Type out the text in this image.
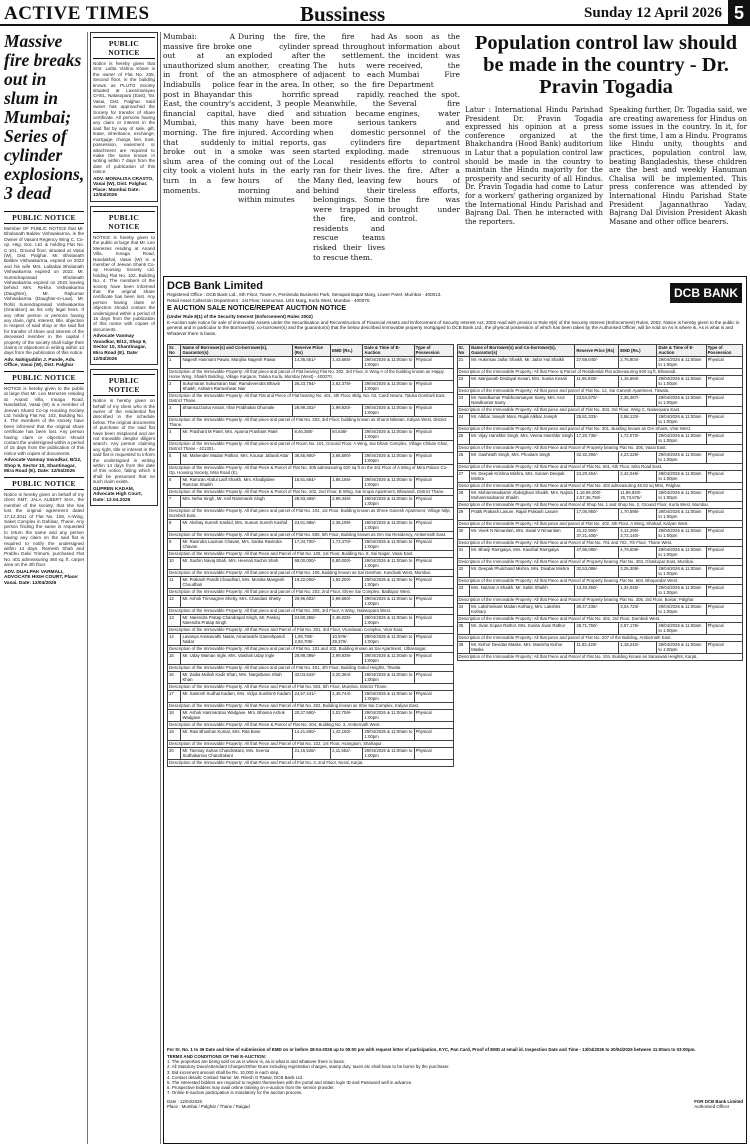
ACTIVE TIMES	Bussiness	Sunday 12 April 2026 5
Massive fire breaks out in slum in Mumbai; Series of cylinder explosions, 3 dead
PUBLIC NOTICE
Member OF PUBLIC NOTICE that Mr. Bholanath Baldev Vishwakarma, is the Owner of Vasant Regency Wing C, Co-op. Hsg. Soc. Ltd. & holding Flat No. C-101, Ground floor, situated at Vasai (W), Dist. Palghar. Mr. Bholanath Baldev Vishwakarma, expired on 2022 and his wife Mrs. Lalitabai Bholanath Vishwakarma expired on 2022. Mr. Surendraprasad Bholanath Vishwakarma expired on 2022 leaving behind Mrs. Rekha Vishwakarma (Daughter), Mr. Rajkumar Vishwakarma (Daughter-in-Law), Mr. Rohit Surendraprasad Vishwakarma (Grandson) as his only legal heirs. If any other person or persons having any claim, right, interest, title, objection in respect of said shop or the said flat for transfer of share and interest of the deceased member in the capital / property of the society shall lodge their claims or objections in writing within 14 days from the publication of this notice.
Adv. Nahiguddin J. Pande, Adv. Office, Vasai (W), Dist. Palghar
PUBLIC NOTICE
NOTICE is hereby given to the public at large that Mr. Leo Menezes residing at Anand Villa, Innaga Road, Nandakhal, Vasai (W) is a member of Jeevan Shanti Co-op Housing Society Ltd. holding Flat No. 102, Building No. 4. The members of the society have been informed that the original share certificate has been lost. Any person having claim or objection should contact the undersigned within a period of 15 days from the publication of this notice with copies of documents.
Advocate Vanmay Vavadkar, B/12, Shop 9, Sector 10, Shantinagar, Mira Road (E). Date: 12/04/2026
PUBLIC NOTICE
Notice is hereby given on behalf of my client SMT. JALA ALBERT SHA, the member of the society, that she has lost the original agreement dated 17.12.2011 of Flat No. 108, A-Wing, Saket Complex in Dahisar, Thane. Any person finding the same is requested to return the same and any person having any claim on the said flat is required to notify the undersigned within 14 days. Ramesh Shah and Prabhu Dalvi Trimurti, purchased Flat No. 401 admeasuring 460 sq. ft. carpet area on the 4th floor.
ADV. DUALPAK VARMALI, ADVOCATE HIGH COURT, Place: Vasai. Date: 12/04/2026
PUBLIC NOTICE
Notice is hereby given that Smt. Lalita Vishnu Khare is the owner of Flat No. 205, Second floor, in the building known as PLUTO Society situated at Laxminarayan CHSL, Nalasopara (East), Tal. Vasai, Dist. Palghar. Said owner has approached the Society for transfer of share certificate. All persons having any claim or interest in the said flat by way of sale, gift, lease, inheritance, exchange, mortgage, charge, lien, trust, possession, easement or attachment are required to make the same known in writing within 7 days from the date of publication of this notice.
ADV. MONALISA CRASTO, Vasai (W), Dist. Palghar. Place: Mumbai Date: 12/04/2026
PUBLIC NOTICE
NOTICE is hereby given to the public at large that Mr. Leo Menezes residing at Anand Villa, Innaga Road, Nandakhal, Vasai (W) is a member of Jeevan Shanti Co-op Housing Society Ltd. holding Flat No. 102, Building No. 4. The members of the society have been informed that the original share certificate has been lost. Any person having claim or objection should contact the undersigned within a period of 15 days from the publication of this notice with copies of documents.
Advocate Vanmay Vavadkar, B/12, Shop 9, Sector 10, Shantinagar, Mira Road (E). Date: 12/04/2026
PUBLIC NOTICE
Notice is hereby given on behalf of my client who is the owner of the residential flat described in the schedule below. The original documents of purchase of the said flat have been misplaced and are not traceable despite diligent search. Any person claiming any right, title or interest in the said flat is requested to inform the undersigned in writing within 14 days from the date of this notice, failing which it shall be presumed that no such claim exists.
GUPREN KADAM, Advocate High Court, Date: 12.04.2026
Mumbai: A massive fire broke out at an unauthorized slum in front of the Indiabulls police post in Bhayandar East, the country's financial capital, Mumbai, this morning. The fire that suddenly broke out in a slum area of the city took a violent turn in a few moments.
During the fire, one cylinder exploded after another, creating an atmosphere of fear in the area. In this horrific accident, 3 people have died and many have been injured. According to initial reports, smoke was seen coming out of the huts in the early hours of the morning and within minutes
the fire had spread throughout the settlement. The huts were adjacent to each other, so the fire spread rapidly. Meanwhile, the situation became more serious when domestic gas cylinders started exploding. Local residents ran for their lives. Many fled, leaving behind their belongings. Some were trapped in the fire, and residents and rescue teams risked their lives to rescue them.
As soon as the information about the incident was received, the Mumbai Fire Department reached the spot. Several fire engines, water tankers and personnel of the fire department made strenuous efforts to control the fire. After a few hours of tireless efforts, the fire was brought under control.
Population control law should be made in the country - Dr. Pravin Togadia
Latur : International Hindu Parishad President Dr. Pravin Togadia expressed his opinion at a press conference organized at the Bhakchandra (Hood Bank) auditorium in Latur that a population control law should be made in the country to maintain the Hindu majority for the prosperity and security of all Hindus. Dr. Pravin Togadia had come to Latur for a workers' gathering organized by the International Hindu Parishad and Bajrang Dal. Then he interacted with the reporters.
Speaking further, Dr. Togadia said, we are creating awareness for Hindus on some issues in the country. In it, for the first time, I am a Hindu. Programs like Hindu unity, thoughts and practices, population control law, beating Bangladeshis, these children are the best and weekly Hanuman Chalisa will be implemented. This press conference was attended by International Hindu Parishad State President Jagannathrao Yadav, Bajrang Dal Division President Akash Masane and other office bearers.
DCB Bank Limited	DCB BANK
Registered Office : DCB Bank Ltd., 6th Floor, Tower A, Peninsula Business Park, Senapati Bapat Marg, Lower Parel, Mumbai - 400013.
Retail Asset Collection Department : 1st Floor, Hamuman, LBS Marg, Kurla West, Mumbai - 400070.
E AUCTION SALE NOTICE/REPEAT AUCTION NOTICE
(Under Rule 8(1) of the Security Interest (Enforcement) Rules 2002)
E-Auction sale notice for sale of immovable Assets under the Securitisation and Reconstruction of Financial Assets and Enforcement of Security Interest Act, 2002 read with proviso to Rule 8(6) of the Security Interest (Enforcement) Rules, 2002. Notice is hereby given to the public in general and in particular to the Borrower(s), co-borrower(s) and the guarantor(s) that the below described immovable property mortgaged to DCB Bank Ltd., the physical possession of which has been taken by the Authorised Officer, will be sold on As is where is, As is what is and Whatever there is basis.
Sr. No	Name of Borrower(s) and Co-borrower(s), Guarantor(s)	Reserve Price (Rs)	EMD (Rs.)	Date & Time of E-Auction	Type of Possession
1	Nagesh Hanmant Pawar, Manjiira Nagesh Pawar	14,36,651/-	1,43,665/-	29/04/2026 & 11:00am to 1:00pm	Physical
Description of the Immovable Property: All that piece and parcel of Flat bearing Flat No. 302, 3rd Floor, in Wing A of the building known as Happy Home Wing, Shaikh Building, Village Kargaon, Taluka Kurla, Mumbai (West) - 400070.					
2	Sukumaran Sukumaran Nair, Ramdevendra Bhavin Shaikh, Ashwini Rameshwar Nair	26,23,784/-	2,62,378/-	29/04/2026 & 11:00am to 1:00pm	Physical
Description of the Immovable Property: All that Flat and Piece of Flat bearing No. 401, 4th Floor, Bldg. No. 03, Cardi Nowra, Taluka Dombivli East, District Thane.					
3	Shamsuzzama Ansari, Irfan Prabhakar Dhumale	29,99,202/-	2,99,920/-	29/04/2026 & 11:00am to 1:00pm	Physical
Description of the Immovable Property: All that piece and parcel of Flat No. 303, 3rd Floor, building known as Shanti Niketan, Kalyan West, District Thane.					
4	Mr. Prashant M Patel, Mrs. Aparna Prashant Patel	8,46,380/-	84,638/-	29/04/2026 & 11:00am to 1:00pm	Physical
Description of the Immovable Property: All that piece and parcel of Room No. 101, Ground Floor, A Wing, Sai Dham Complex, Village Chikan Ghar, District Thane - 421301.					
5	Mr. Mahender Madan Pathan, Mrs. Kousar Jafarali Attar	36,55,900/-	3,65,590/-	29/04/2026 & 11:00am to 1:00pm	Physical
Description of the Immovable Property: All that Piece & Parcel of Flat No. 305 admeasuring 620 sq ft on the 3rd Floor of A Wing of Mira Palace Co-Op. Housing Society, Mira Road (E).					
6	Mr. Ramzan Abdul Latif Shaikh, Mrs. Khadijabee Ramzan Shaikh	18,51,654/-	1,85,165/-	29/04/2026 & 11:00am to 1:00pm	Physical
Description of the Immovable Property: All that Piece & Parcel of Flat No. 202, 2nd Floor, B Wing, Sai Krupa Apartment, Bhiwandi, District Thane.					
7	Mrs. Neha Singh, Mr. Anil Rammanik Singh	28,93,469/-	2,89,346/-	29/04/2026 & 11:00am to 1:00pm	Physical
Description of the Immovable Property: All that piece and parcel of Flat No. 104, 1st Floor, Building known as Shree Ganesh Apartment, Village Nilje, Dombivli East.					
8	Mr. Akshay Suresh Kashid, Mrs. Suman Suresh Kashid	23,61,986/-	2,36,199/-	29/04/2026 & 11:00am to 1:00pm	Physical
Description of the Immovable Property: All that piece and parcel of Flat No. 505, 5th Floor, Building known as Om Sai Residency, Ambernath East.					
9	Mr. Ravindra Laxman Chavan, Mrs. Sarika Ravindra Chavan	17,34,700/-	1,73,470/-	29/04/2026 & 11:00am to 1:00pm	Physical
Description of the Immovable Property: All that Piece and Parcel of Flat No. 109, 1st Floor, Building No. 8, Sai Nagar, Vasai East.					
10	Mr. Sachin Navaj Shah, Mrs. Heenali Sachin Shah	68,00,000/-	6,80,000/-	29/04/2026 & 11:00am to 1:00pm	Physical
Description of the Immovable Property: All that piece and parcel of Flat No. 106, Building known as Sai Darshan, Kandivali West, Mumbai.					
11	Mr. Prakash Pandit Chaudhari, Mrs. Monika Mangesh Choudhari	19,22,000/-	1,92,200/-	29/04/2026 & 11:00am to 1:00pm	Physical
Description of the Immovable Property: All that piece and parcel of Flat No. 203, 2nd Floor, Shree Sai Complex, Badlapur West.					
12	Mr. Ashok Trimsagree Shetty, Mrs. Chandani Shetty	29,96,602/-	2,99,660/-	29/04/2026 & 11:00am to 1:00pm	Physical
Description of the Immovable Property: All that piece and parcel of Flat No. 305, 3rd Floor, A Wing, Nalasopara West.					
13	Mr. Narendra Pratap Chandrapal Singh, Mr. Pankaj Narendra Pratap Singh	24,60,256/-	2,46,025/-	29/04/2026 & 11:00am to 1:00pm	Physical
Description of the Immovable Property: All that Piece and Parcel of Flat No. 301, 3rd Floor, Vrundavan Complex, Virar East.					
14	Lavanya Amaravathi Nadar, Amaravathi Ganeshpandi Nadar	1,09,790/- 2,93,700/-	10,979/- 29,370/-	29/04/2026 & 11:00am to 1:00pm	Physical
Description of the Immovable Property: All that piece and parcel of Flat No. 101 and 102, Building known as Sai Apartment, Ulhasnagar.					
15	Mr. Uday Waman Ingle, Mrs. Vaishali Uday Ingle	29,99,399/-	2,99,939/-	29/04/2026 & 11:00am to 1:00pm	Physical
Description of the Immovable Property: All that piece and parcel of Flat No. 401, 4th Floor, Building Gokul Heights, Titwala.					
16	Mr. Zaiba Mullah Kadir Khan, Mrs. Nargisbano Shah Khan	32,03,642/-	3,20,364/-	29/04/2026 & 11:00am to 1:00pm	Physical
Description of the Immovable Property: All that Piece and Parcel of Flat No. 503, 5th Floor, Mumbra, District Thane.					
17	Mr. Santosh Sudhal Kadam, Mrs. Vidya Sunilsinh Kadam	24,57,441/-	2,45,744/-	29/04/2026 & 11:00am to 1:00pm	Physical
Description of the Immovable Property: All that Piece and Parcel of Flat No. 202, Building known as Shiv Sai Complex, Kalyan East.					
18	Mr. Ashok Hanmantrao Wadgave, Mrs. Bhavna Ashok Wadgave	20,27,590/-	2,02,759/-	29/04/2026 & 11:00am to 1:00pm	Physical
Description of the Immovable Property: All that Piece & Parcel of Flat No. 204, Building No. 3, Ambernath West.					
19	Mr. Ravi Bhushan Kumar, Mrs. Rita Bose	14,21,600/-	1,42,160/-	29/04/2026 & 11:00am to 1:00pm	Physical
Description of the Immovable Property: All that Piece and Parcel of Flat No. 102, 1st Floor, Asangaon, Shahapur.					
20	Mr. Tanmay Suhas Chandrakant, Mrs. Seema Sudhakarrao Chandrakant	21,15,528/-	2,11,552/-	29/04/2026 & 11:00am to 1:00pm	Physical
Description of the Immovable Property: All that Piece and Parcel of Flat No. 3, 2nd Floor, Neral, Karjat.					
Sr. No	Name of Borrower(s) and Co-borrower(s), Guarantor(s)	Reserve Price (Rs)	EMD (Rs.)	Date & Time of E-Auction	Type of Possession
21	Mr. Hukmsav Jaifar Shaikh, Mr. Jaifar Hai Shaikh	27,68,040/-	2,76,804/-	29/04/2026 & 11:00am to 1:00pm	Physical
Description of the Immovable Property: All that Piece & Parcel of Residential Flat admeasuring 600 sq ft, Bhiwandi.					
22	Mr. Manjunath Dindayal Kesari, Mrs. Sunita Kesari	11,66,940/-	1,16,694/-	29/04/2026 & 11:00am to 1:00pm	Physical
Description of the Immovable Property: All that piece and parcel of Flat No. 12, Sai Ganesh Apartment, Titwala.					
23	Mr. Nandkumar Prabhuramaiyan Samy, Mrs. Arul Nandkumar Samy	23,54,670/-	2,35,467/-	29/04/2026 & 11:00am to 1:00pm	Physical
Description of the Immovable Property: All that piece and parcel of Flat No. 303, 3rd Floor, Wing C, Nalasopara East.					
24	Mr. Alkbar Joseph Mani, Rajali Alkbar Joseph	25,81,333/-	2,58,133/-	29/04/2026 & 11:00am to 1:00pm	Physical
Description of the Immovable Property: All that piece and parcel of Flat No. 301, Building known as Om Shanti, Virar West.					
25	Mr. Vijay Hanshbir Singh, Mrs. Veena Hanshbir Singh	17,20,735/-	1,72,073/-	29/04/2026 & 11:00am to 1:00pm	Physical
Description of the Immovable Property: All that Piece and Parcel of Property bearing Flat No. 305, Vasai East.					
26	Mr. Gashirath Singh, Mrs. Phoolam Singh	42,32,290/-	4,23,229/-	29/04/2026 & 11:00am to 1:00pm	Physical
Description of the Immovable Property: All that Piece and Parcel of Flat No. 601, 6th Floor, Mira Road East.					
27	Mr. Deepak Krishna Mishra, Mrs. Sonam Deepak Mishra	24,20,464/-	2,42,046/-	29/04/2026 & 11:00am to 1:00pm	Physical
Description of the Immovable Property: All that Piece and Parcel of Flat No. 403 admeasuring 48.03 sq Mtrs, Palghar.					
28	Mr. Mohammadsamir Abdulghani Shaikh, Mrs. Najma Mohammadsamir Shaikh	1,18,99,200/- 2,57,36,750/-	11,89,920/- 25,73,675/-	29/04/2026 & 11:00am to 1:00pm	Physical
Description of the Immovable Property: All that Piece and Parcel of Shop No. 1 and Shop No. 2, Ground Floor, Kurla West, Mumbai.					
29	Pratik Prakash Lasure, Rajali Prakash Lasure	17,05,950/-	1,70,595/-	29/04/2026 & 11:00am to 1:00pm	Physical
Description of the Immovable Property: All that piece and parcel of Flat No. 402, 4th Floor, A Wing, Shahad, Kalyan West.					
30	Mr. Vivek N Nimanlam, Mrs. Swati V Nimanlam	41,22,900/- 37,21,400/-	4,12,290/- 3,72,140/-	29/04/2026 & 11:00am to 1:00pm	Physical
Description of the Immovable Property: All that Piece and Parcel of Flat No. 701 and 702, 7th Floor, Thane West.					
31	Mr. Bhanji Ramgaiya, Mrs. Kaushal Ramgaiya	47,96,080/-	4,79,608/-	29/04/2026 & 11:00am to 1:00pm	Physical
Description of the Immovable Property: All that Piece and Parcel of Property bearing Flat No. 303, Ghatkopar East, Mumbai.					
32	Mr. Deepak Phulchand Mishra, Mrs. Divabai Mishra	32,53,086/-	3,25,308/-	29/04/2026 & 11:00am to 1:00pm	Physical
Description of the Immovable Property: All that Piece and Parcel of Property bearing Flat No. 603, Bhayandar West.					
33	Mrs. Naizam A Shaikh, Mr. Salim Shaikh	13,40,450/-	1,34,045/-	29/04/2026 & 11:00am to 1:00pm	Physical
Description of the Immovable Property: All that Piece and Parcel of Property bearing Flat No. 305, 3rd Floor, Boisar, Palghar.					
34	Mr. Lakshmikant Madan Kothary, Mrs. Lakshmi Kothary	30,47,235/-	3,04,723/-	29/04/2026 & 11:00am to 1:00pm	Physical
Description of the Immovable Property: All that Piece and Parcel of Flat No. 302, 3rd Floor, Dombivli West.					
35	Mr. Jivan Sopan Rathor, Mrs. Sunita Jivan Rathor	25,71,750/-	2,57,175/-	29/04/2026 & 11:00am to 1:00pm	Physical
Description of the Immovable Property: All that piece and parcel of Flat No. 207 of the Building, Ambernath East.					
36	Mr. Kishor Devidas Maske, Mrs. Manisha Kishor Maske	11,82,420/-	1,18,242/-	29/04/2026 & 11:00am to 1:00pm	Physical
Description of the Immovable Property: All that Piece and Parcel of Flat No. 104, Building known as Saraswati Heights, Karjat.					
For Sr. No. 1 to 36 Date and time of submission of EMD on or before 28-04-2026 up to 05:00 pm with request letter of participation, KYC, Pan Card, Proof of EMD at email id. Inspection Date and Time - 13/04/2026 to 20/04/2026 between 11:00am to 03:00pm.
TERMS AND CONDITIONS OF THE E-AUCTION:
1. The properties are being sold on as is where is, as is what is and whatever there is basis.
2. All Statutory Dues/Attendant Charges/Other Dues including registration charges, stamp duty, taxes etc shall have to be borne by the purchaser.
3. Bid increment amount shall be Rs. 10,000 in each step.
4. Contact details: Contact Name: Mr. Ritesh G Pawar, DCB Bank Ltd.
5. The interested bidders are required to register themselves with the portal and obtain login ID and Password well in advance.
6. Prospective bidders may avail online training on e-auction from the service provider.
7. Online E-auction participation is mandatory for the auction process.
Date : 12/04/2026
Place : Mumbai / Palghar / Thane / Raigad
FOR DCB Bank Limited
Authorised Officer
